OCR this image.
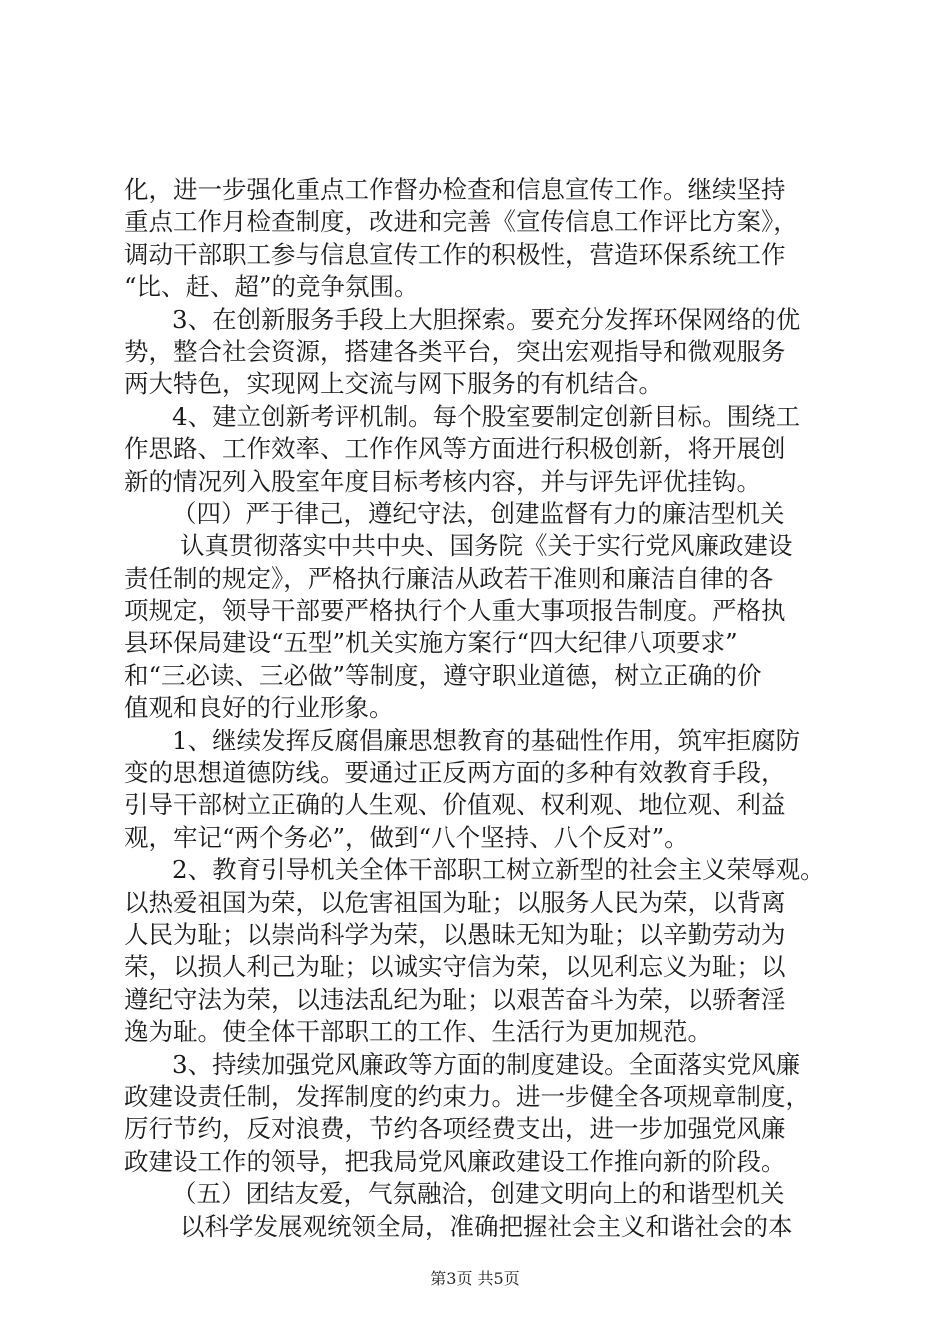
化，进一步强化重点工作督办检查和信息宣传工作。继续坚持
重点工作月检查制度，改进和完善《宣传信息工作评比方案》，
调动干部职工参与信息宣传工作的积极性，营造环保系统工作
“比、赶、超”的竞争氛围。
3、在创新服务手段上大胆探索。要充分发挥环保网络的优
势，整合社会资源，搭建各类平台，突出宏观指导和微观服务
两大特色，实现网上交流与网下服务的有机结合。
4、建立创新考评机制。每个股室要制定创新目标。围绕工
作思路、工作效率、工作作风等方面进行积极创新，将开展创
新的情况列入股室年度目标考核内容，并与评先评优挂钩。
（四）严于律己，遵纪守法，创建监督有力的廉洁型机关
认真贯彻落实中共中央、国务院《关于实行党风廉政建设
责任制的规定》，严格执行廉洁从政若干准则和廉洁自律的各
项规定，领导干部要严格执行个人重大事项报告制度。严格执
县环保局建设“五型”机关实施方案行“四大纪律八项要求”
和“三必读、三必做”等制度，遵守职业道德，树立正确的价
值观和良好的行业形象。
1、继续发挥反腐倡廉思想教育的基础性作用，筑牢拒腐防
变的思想道德防线。要通过正反两方面的多种有效教育手段，
引导干部树立正确的人生观、价值观、权利观、地位观、利益
观，牢记“两个务必”，做到“八个坚持、八个反对”。
2、教育引导机关全体干部职工树立新型的社会主义荣辱观。
以热爱祖国为荣，以危害祖国为耻；以服务人民为荣，以背离
人民为耻；以崇尚科学为荣，以愚昧无知为耻；以辛勤劳动为
荣，以损人利己为耻；以诚实守信为荣，以见利忘义为耻；以
遵纪守法为荣，以违法乱纪为耻；以艰苦奋斗为荣，以骄奢淫
逸为耻。使全体干部职工的工作、生活行为更加规范。
3、持续加强党风廉政等方面的制度建设。全面落实党风廉
政建设责任制，发挥制度的约束力。进一步健全各项规章制度，
厉行节约，反对浪费，节约各项经费支出，进一步加强党风廉
政建设工作的领导，把我局党风廉政建设工作推向新的阶段。
（五）团结友爱，气氛融洽，创建文明向上的和谐型机关
以科学发展观统领全局，准确把握社会主义和谐社会的本
第3页 共5页
